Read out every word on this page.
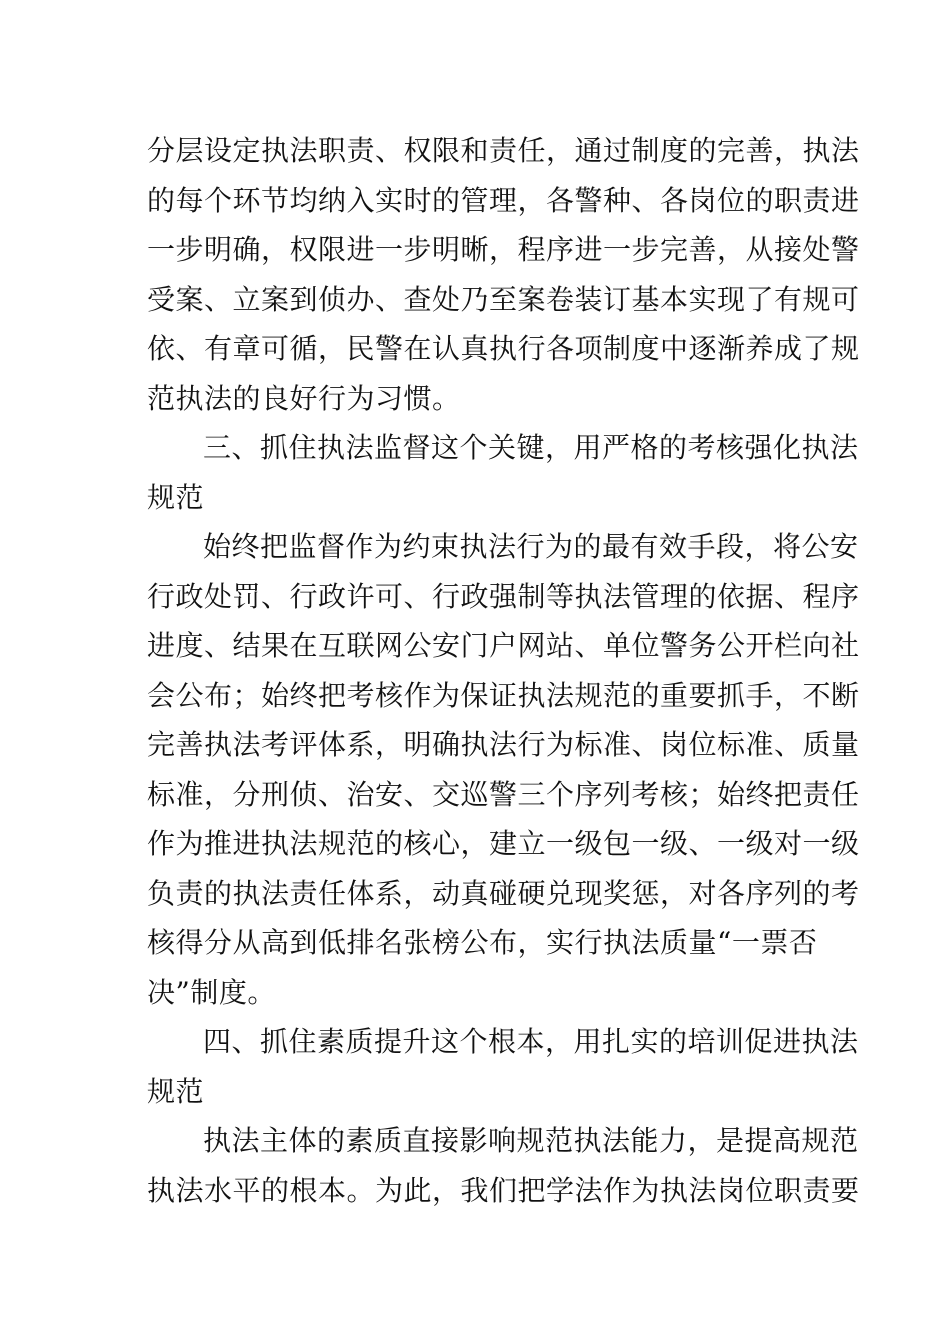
分层设定执法职责、权限和责任，通过制度的完善，执法
的每个环节均纳入实时的管理，各警种、各岗位的职责进
一步明确，权限进一步明晰，程序进一步完善，从接处警
受案、立案到侦办、查处乃至案卷装订基本实现了有规可
依、有章可循，民警在认真执行各项制度中逐渐养成了规
范执法的良好行为习惯。
三、抓住执法监督这个关键，用严格的考核强化执法
规范
始终把监督作为约束执法行为的最有效手段，将公安
行政处罚、行政许可、行政强制等执法管理的依据、程序
进度、结果在互联网公安门户网站、单位警务公开栏向社
会公布；始终把考核作为保证执法规范的重要抓手，不断
完善执法考评体系，明确执法行为标准、岗位标准、质量
标准，分刑侦、治安、交巡警三个序列考核；始终把责任
作为推进执法规范的核心，建立一级包一级、一级对一级
负责的执法责任体系，动真碰硬兑现奖惩，对各序列的考
核得分从高到低排名张榜公布，实行执法质量“一票否
决”制度。
四、抓住素质提升这个根本，用扎实的培训促进执法
规范
执法主体的素质直接影响规范执法能力，是提高规范
执法水平的根本。为此，我们把学法作为执法岗位职责要
